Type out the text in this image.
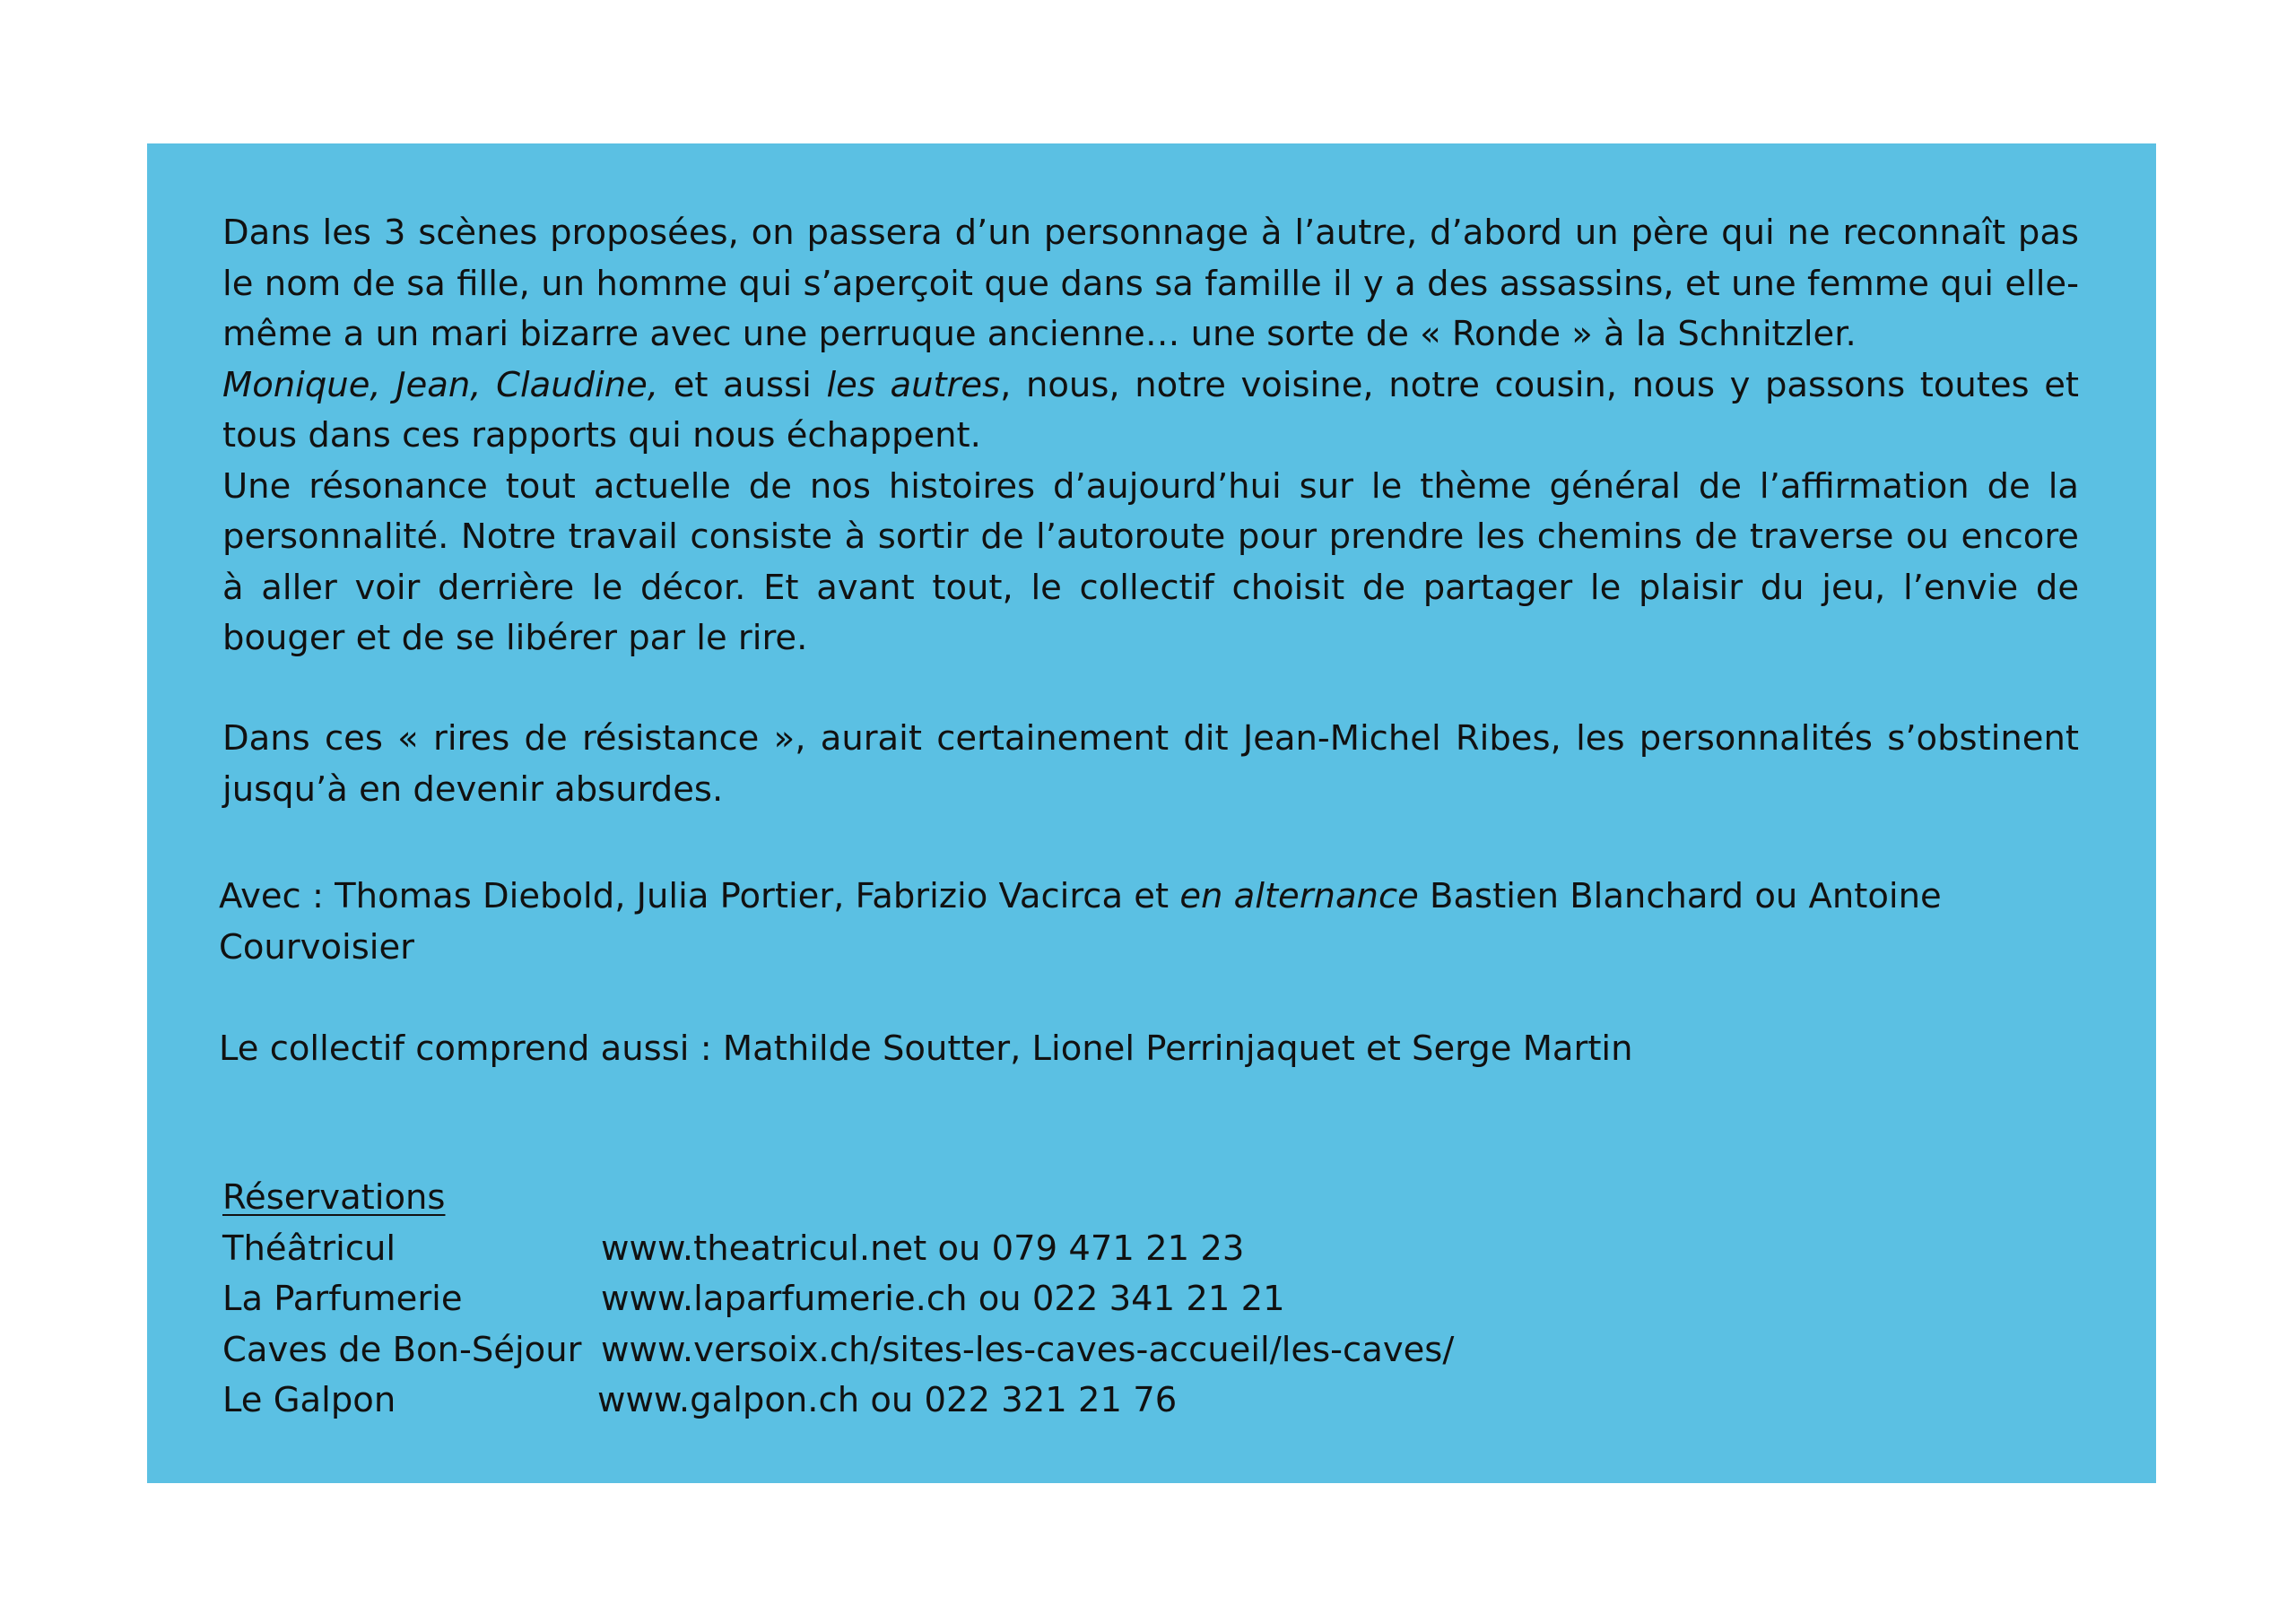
Dans les 3 scènes proposées, on passera d’un personnage à l’autre, d’abord un père qui ne reconnaît pas le nom de sa fille, un homme qui s’aperçoit que dans sa famille il y a des assassins, et une femme qui elle-même a un mari bizarre avec une perruque ancienne… une sorte de « Ronde » à la Schnitzler.
Monique, Jean, Claudine, et aussi les autres, nous, notre voisine, notre cousin, nous y passons toutes et tous dans ces rapports qui nous échappent.
Une résonance tout actuelle de nos histoires d’aujourd’hui sur le thème général de l’affirmation de la personnalité. Notre travail consiste à sortir de l’autoroute pour prendre les chemins de traverse ou encore à aller voir derrière le décor. Et avant tout, le collectif choisit de partager le plaisir du jeu, l’envie de bouger et de se libérer par le rire.
Dans ces « rires de résistance », aurait certainement dit Jean-Michel Ribes, les personnalités s’obstinent jusqu’à en devenir absurdes.
Avec : Thomas Diebold, Julia Portier, Fabrizio Vacirca et en alternance Bastien Blanchard ou Antoine Courvoisier
Le collectif comprend aussi : Mathilde Soutter, Lionel Perrinjaquet et Serge Martin
Réservations
Théâtricul	www.theatricul.net ou 079 471 21 23
La Parfumerie	www.laparfumerie.ch ou 022 341 21 21
Caves de Bon-Séjour www.versoix.ch/sites-les-caves-accueil/les-caves/
Le Galpon	www.galpon.ch ou 022 321 21 76
